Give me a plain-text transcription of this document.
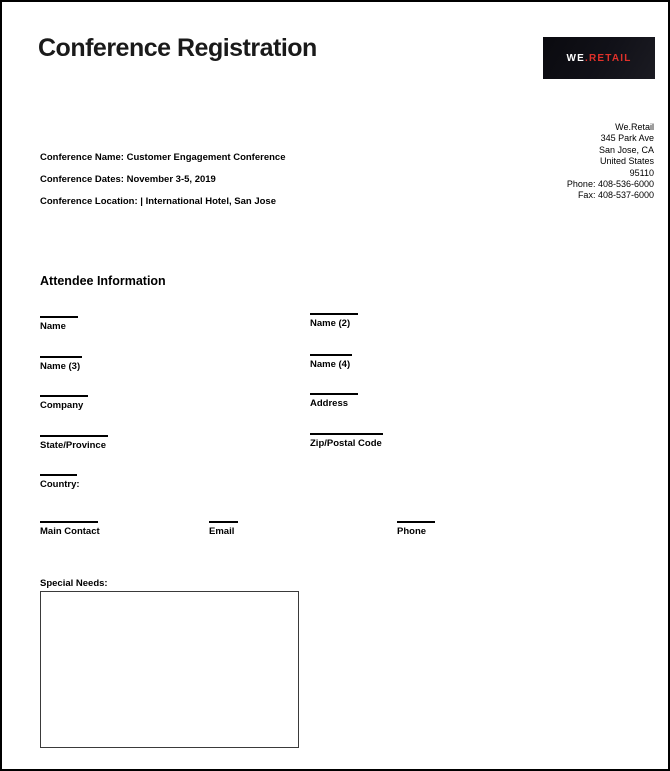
Conference Registration	WE .RETAIL
We.Retail
345 Park Ave
San Jose, CA
United States
95110
Phone: 408-536-6000
Fax: 408-537-6000
Conference Name: Customer Engagement Conference
Conference Dates: November 3-5, 2019
Conference Location: | International Hotel, San Jose
Attendee Information
Name	Name (2)
Name (3)	Name (4)
Company	Address
State/Province	Zip/Postal Code
Country:
Main Contact	Email	Phone
Special Needs:
